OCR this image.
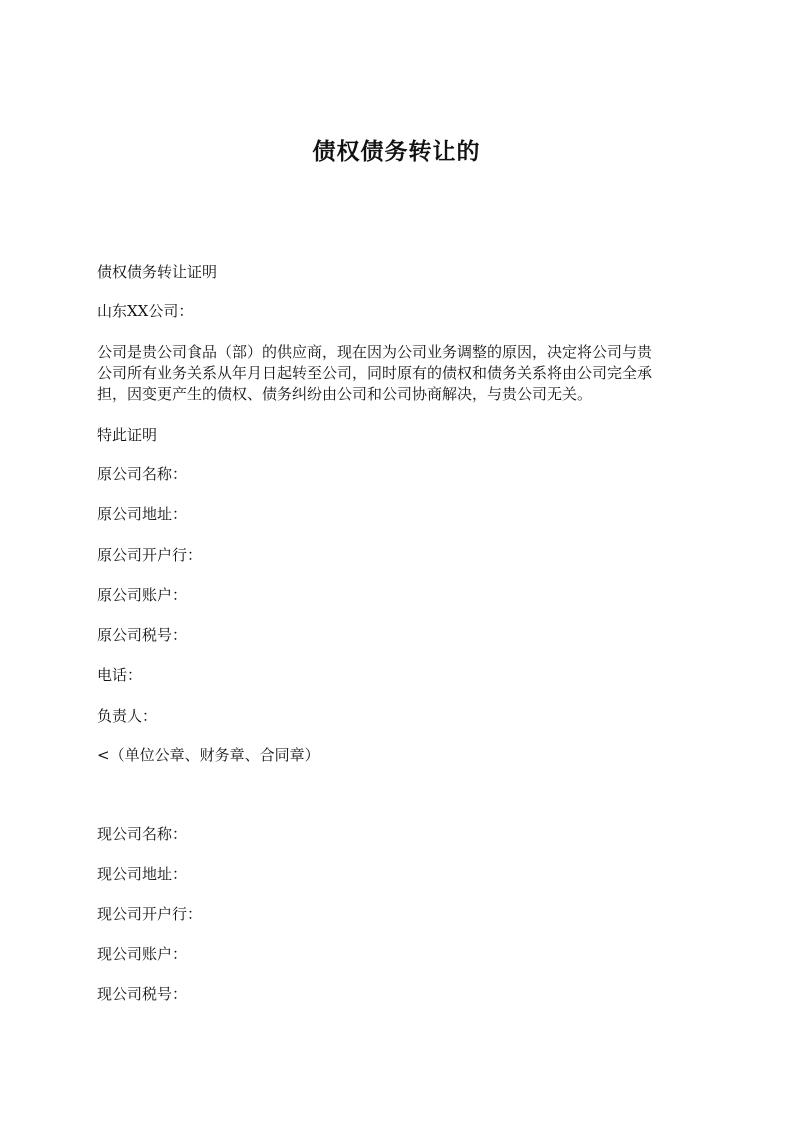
债权债务转让的

债权债务转让证明

山东XX公司：

公司是贵公司食品（部）的供应商，现在因为公司业务调整的原因，决定将公司与贵
公司所有业务关系从年月日起转至公司，同时原有的债权和债务关系将由公司完全承
担，因变更产生的债权、债务纠纷由公司和公司协商解决，与贵公司无关。

特此证明

原公司名称：

原公司地址：

原公司开户行：

原公司账户：

原公司税号：

电话：

负责人：

<（单位公章、财务章、合同章）

现公司名称：

现公司地址：

现公司开户行：

现公司账户：

现公司税号：
